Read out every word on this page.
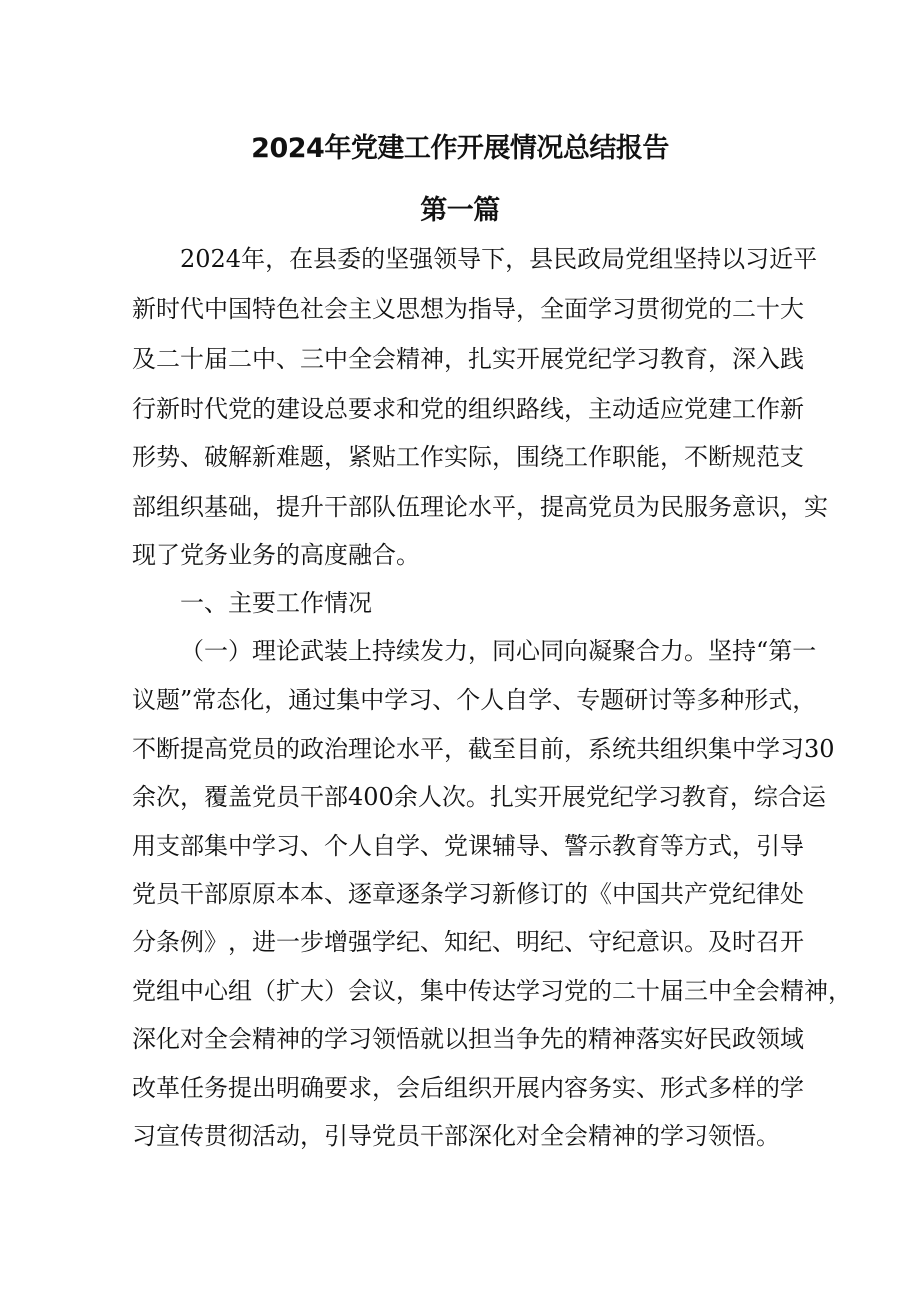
2024年党建工作开展情况总结报告
第一篇
2024年，在县委的坚强领导下，县民政局党组坚持以习近平
新 时 代 中 国 特 色 社 会 主 义 思 想 为 指 导 ， 全 面 学 习 贯 彻 党 的 二 十 大
及 二 十 届 二 中 、 三 中 全 会 精 神 ， 扎 实 开 展 党 纪 学 习 教 育 ， 深 入 践
行 新 时 代 党 的 建 设 总 要 求 和 党 的 组 织 路 线 ， 主 动 适 应 党 建 工 作 新
形 势 、 破 解 新 难 题 ， 紧 贴 工 作 实 际 ， 围 绕 工 作 职 能 ， 不 断 规 范 支
部 组 织 基 础 ， 提 升 干 部 队 伍 理 论 水 平 ， 提 高 党 员 为 民 服 务 意 识 ， 实
现了党务业务的高度融合。
一、主要工作情况
（ 一 ） 理 论 武 装 上 持 续 发 力 ， 同 心 同 向 凝 聚 合 力 。 坚 持 “ 第 一
议 题 ” 常 态 化 ， 通 过 集 中 学 习 、 个 人 自 学 、 专 题 研 讨 等 多 种 形 式 ，
不 断 提 高 党 员 的 政 治 理 论 水 平 ， 截 至 目 前 ， 系 统 共 组 织 集 中 学 习 30
余 次 ， 覆 盖 党 员 干 部 400 余 人 次 。 扎 实 开 展 党 纪 学 习 教 育 ， 综 合 运
用 支 部 集 中 学 习 、 个 人 自 学 、 党 课 辅 导 、 警 示 教 育 等 方 式 ， 引 导
党 员 干 部 原 原 本 本 、 逐 章 逐 条 学 习 新 修 订 的 《 中 国 共 产 党 纪 律 处
分 条 例 》 ， 进 一 步 增 强 学 纪 、 知 纪 、 明 纪 、 守 纪 意 识 。 及 时 召 开
党 组 中 心 组 （ 扩 大 ） 会 议 ， 集 中 传 达 学 习 党 的 二 十 届 三 中 全 会 精 神 ，
深 化 对 全 会 精 神 的 学 习 领 悟 就 以 担 当 争 先 的 精 神 落 实 好 民 政 领 域
改 革 任 务 提 出 明 确 要 求 ， 会 后 组 织 开 展 内 容 务 实 、 形 式 多 样 的 学
习宣传贯彻活动，引导党员干部深化对全会精神的学习领悟。
